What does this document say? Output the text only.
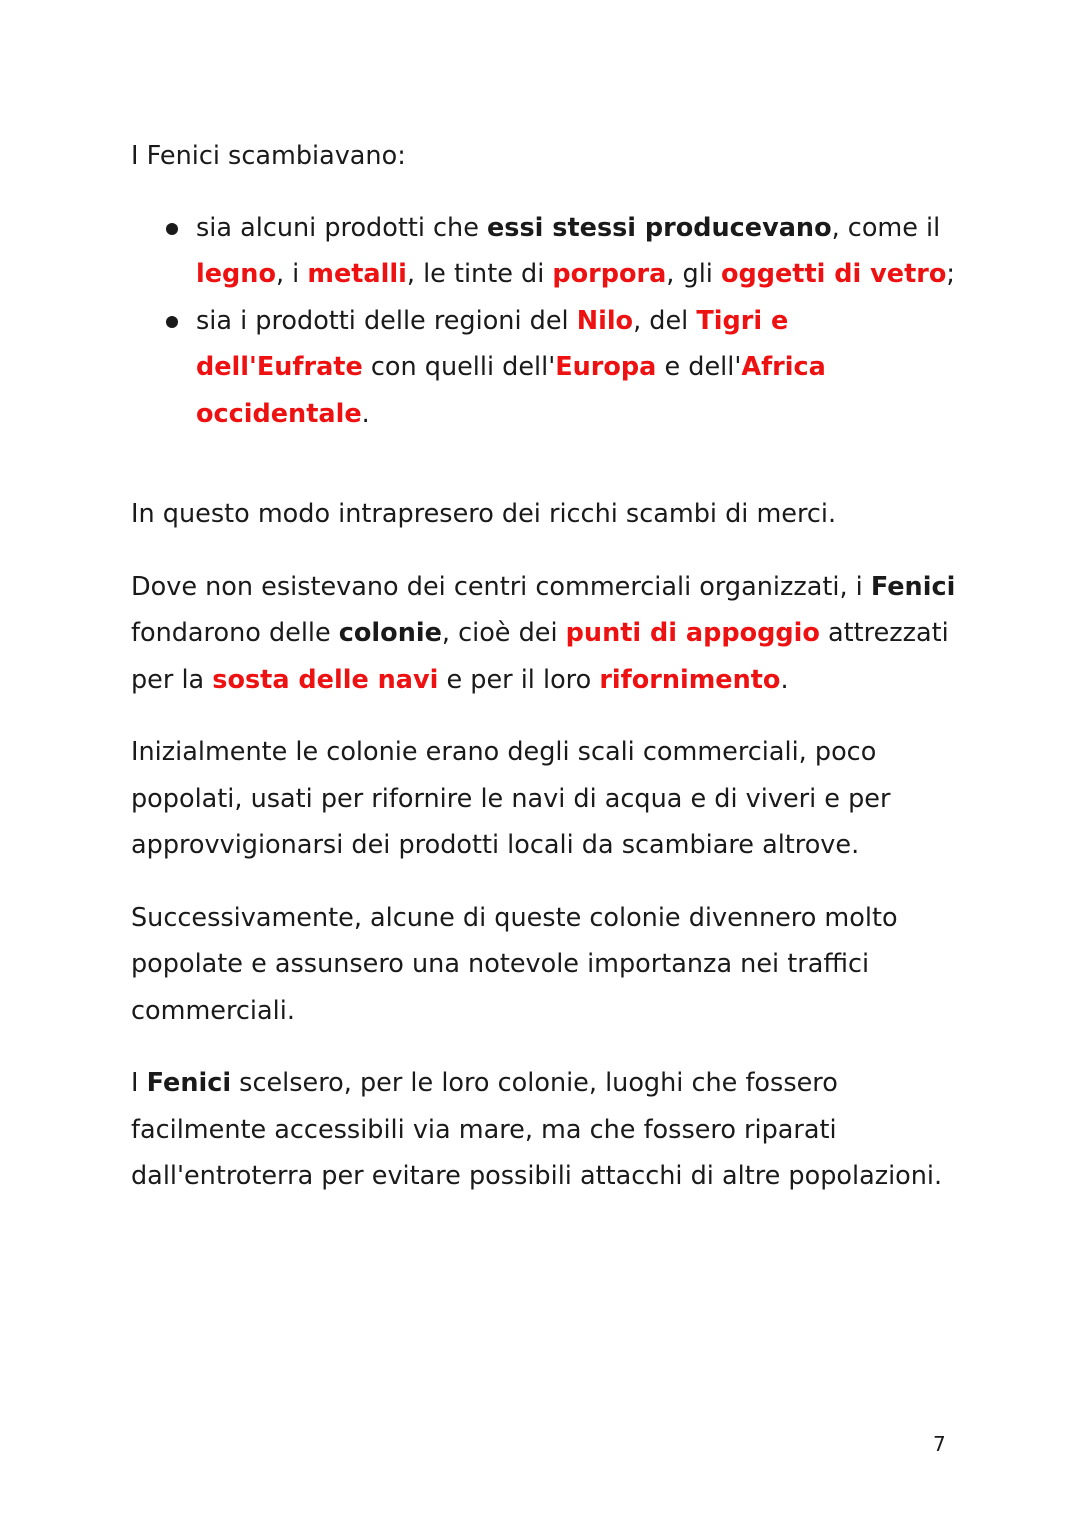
I Fenici scambiavano:

sia alcuni prodotti che essi stessi producevano, come il legno, i metalli, le tinte di porpora, gli oggetti di vetro;
sia i prodotti delle regioni del Nilo, del Tigri e dell'Eufrate con quelli dell'Europa e dell'Africa occidentale.

In questo modo intrapresero dei ricchi scambi di merci.

Dove non esistevano dei centri commerciali organizzati, i Fenici fondarono delle colonie, cioè dei punti di appoggio attrezzati per la sosta delle navi e per il loro rifornimento.

Inizialmente le colonie erano degli scali commerciali, poco popolati, usati per rifornire le navi di acqua e di viveri e per approvvigionarsi dei prodotti locali da scambiare altrove.

Successivamente, alcune di queste colonie divennero molto popolate e assunsero una notevole importanza nei traffici commerciali.

I Fenici scelsero, per le loro colonie, luoghi che fossero facilmente accessibili via mare, ma che fossero riparati dall'entroterra per evitare possibili attacchi di altre popolazioni.

7
